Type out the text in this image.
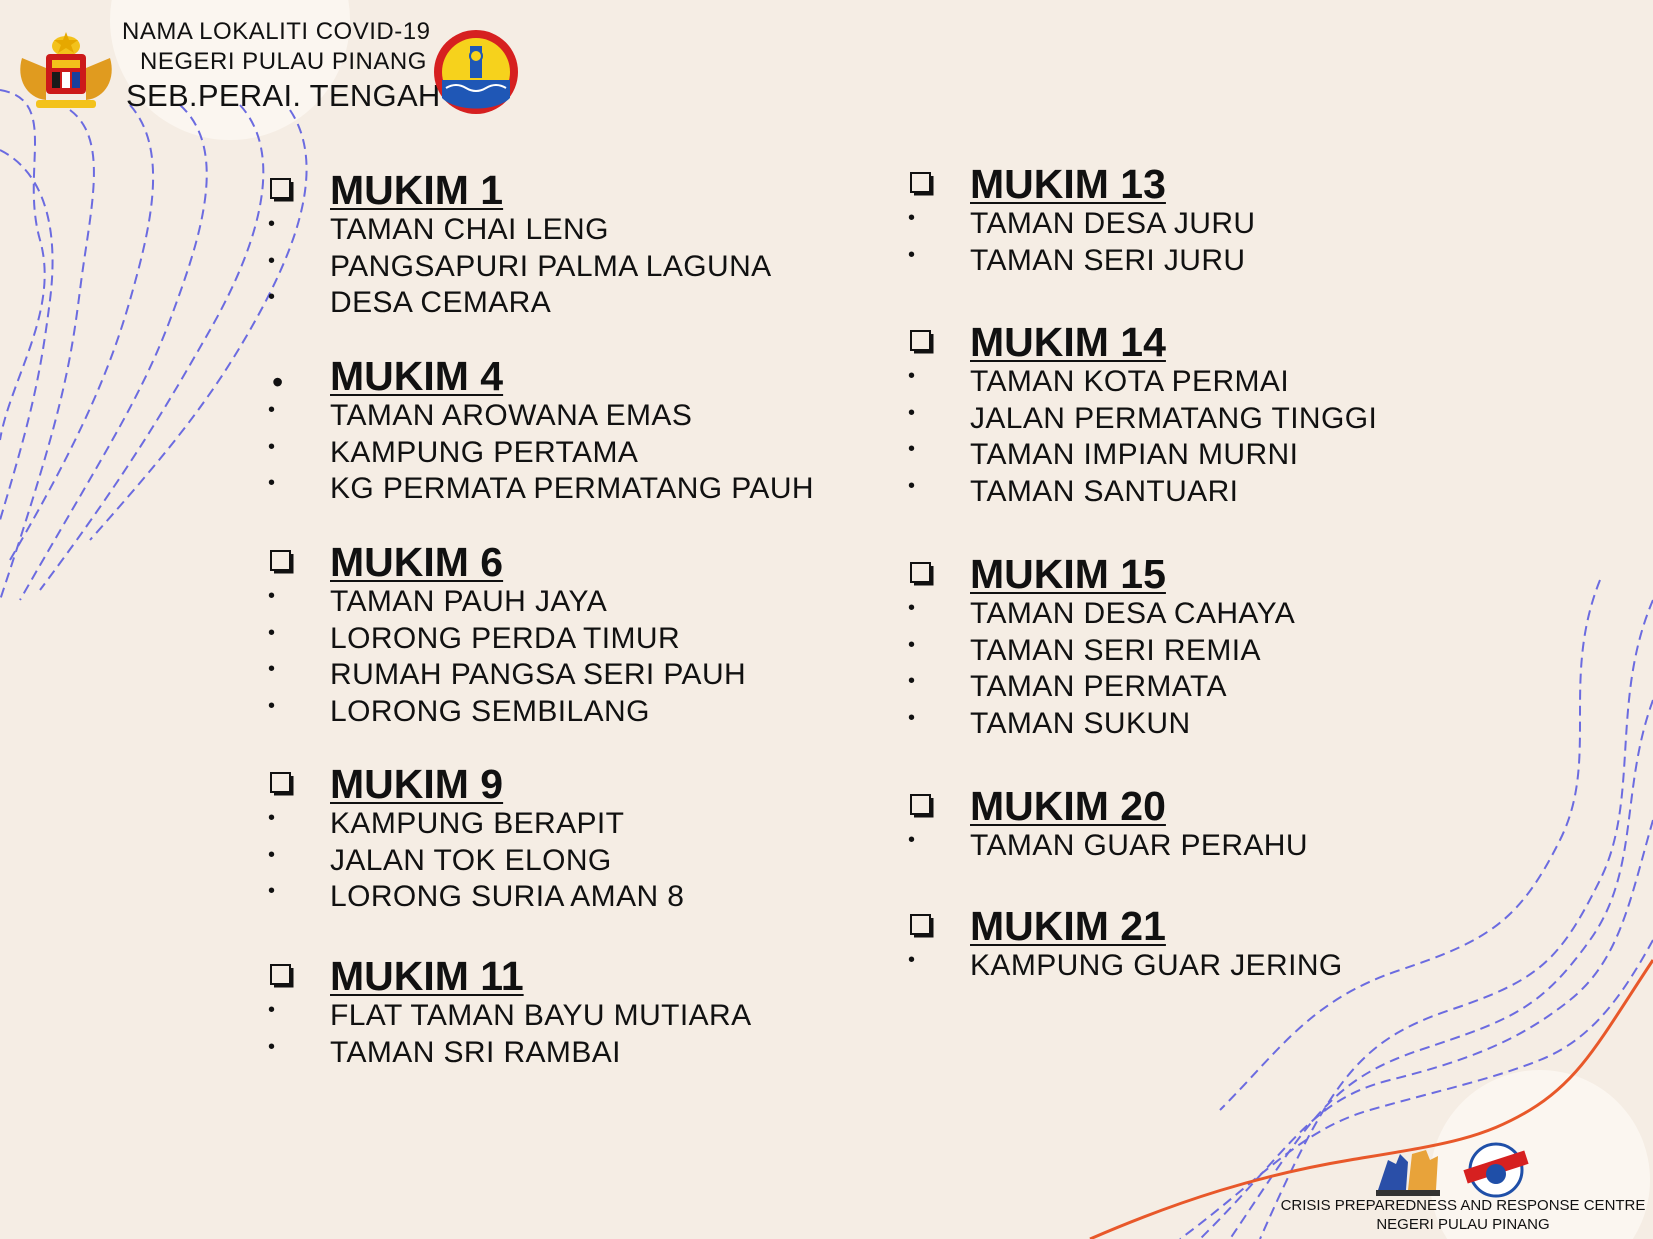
NAMA LOKALITI COVID-19
NEGERI PULAU PINANG
SEB.PERAI. TENGAH
MUKIM 1
• TAMAN CHAI LENG
• PANGSAPURI PALMA LAGUNA
• DESA CEMARA
• MUKIM 4
• TAMAN AROWANA EMAS
• KAMPUNG PERTAMA
• KG PERMATA PERMATANG PAUH
MUKIM 6
• TAMAN PAUH JAYA
• LORONG PERDA TIMUR
• RUMAH PANGSA SERI PAUH
• LORONG SEMBILANG
MUKIM 9
• KAMPUNG BERAPIT
• JALAN TOK ELONG
• LORONG SURIA AMAN 8
MUKIM 11
• FLAT TAMAN BAYU MUTIARA
• TAMAN SRI RAMBAI
MUKIM 13
• TAMAN DESA JURU
• TAMAN SERI JURU
MUKIM 14
• TAMAN KOTA PERMAI
• JALAN PERMATANG TINGGI
• TAMAN IMPIAN MURNI
• TAMAN SANTUARI
MUKIM 15
• TAMAN DESA CAHAYA
• TAMAN SERI REMIA
• TAMAN PERMATA
• TAMAN SUKUN
MUKIM 20
• TAMAN GUAR PERAHU
MUKIM 21
• KAMPUNG GUAR JERING
CRISIS PREPAREDNESS AND RESPONSE CENTRE
NEGERI PULAU PINANG
